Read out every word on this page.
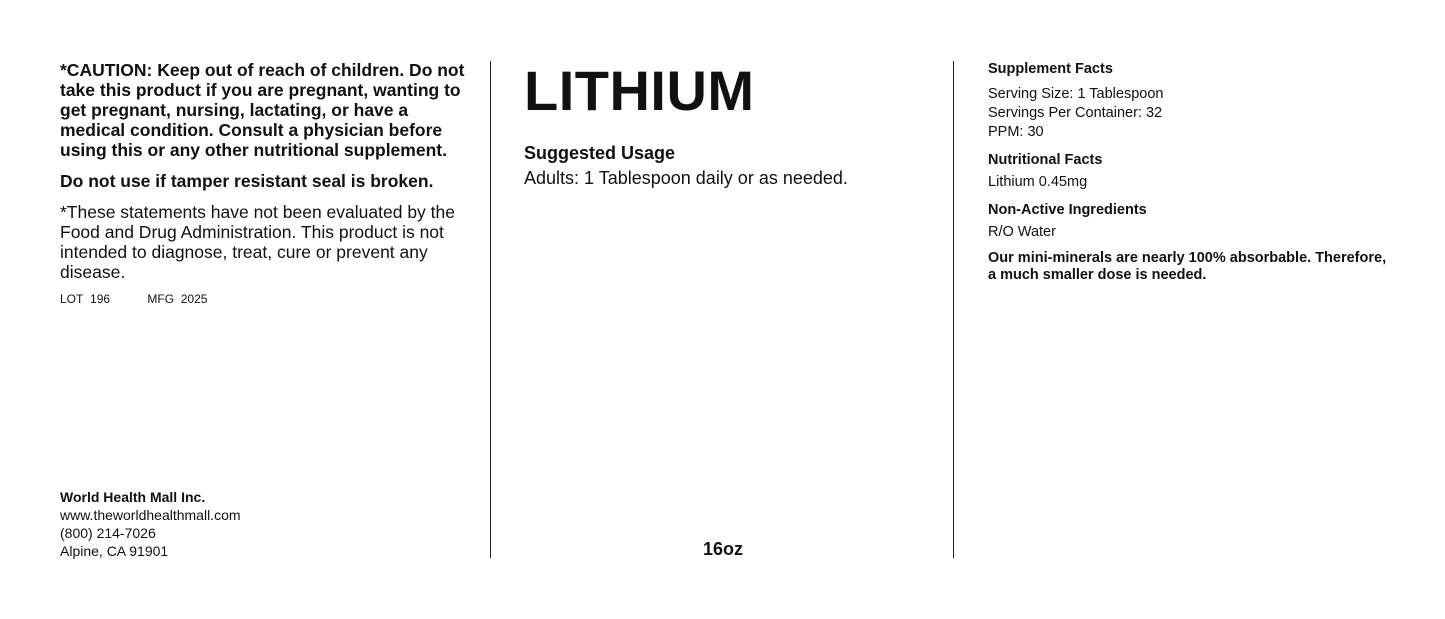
*CAUTION: Keep out of reach of children. Do not take this product if you are pregnant, wanting to get pregnant, nursing, lactating, or have a medical condition. Consult a physician before using this or any other nutritional supplement.

Do not use if tamper resistant seal is broken.

*These statements have not been evaluated by the Food and Drug Administration. This product is not intended to diagnose, treat, cure or prevent any disease.

LOT 196	MFG 2025
World Health Mall Inc.
www.theworldhealthmall.com
(800) 214-7026
Alpine, CA 91901
LITHIUM
Suggested Usage

Adults: 1 Tablespoon daily or as needed.

16oz
Supplement Facts

Serving Size: 1 Tablespoon

Servings Per Container: 32

PPM: 30

Nutritional Facts

Lithium 0.45mg

Non-Active Ingredients

R/O Water

Our mini-minerals are nearly 100% absorbable. Therefore, a much smaller dose is needed.
